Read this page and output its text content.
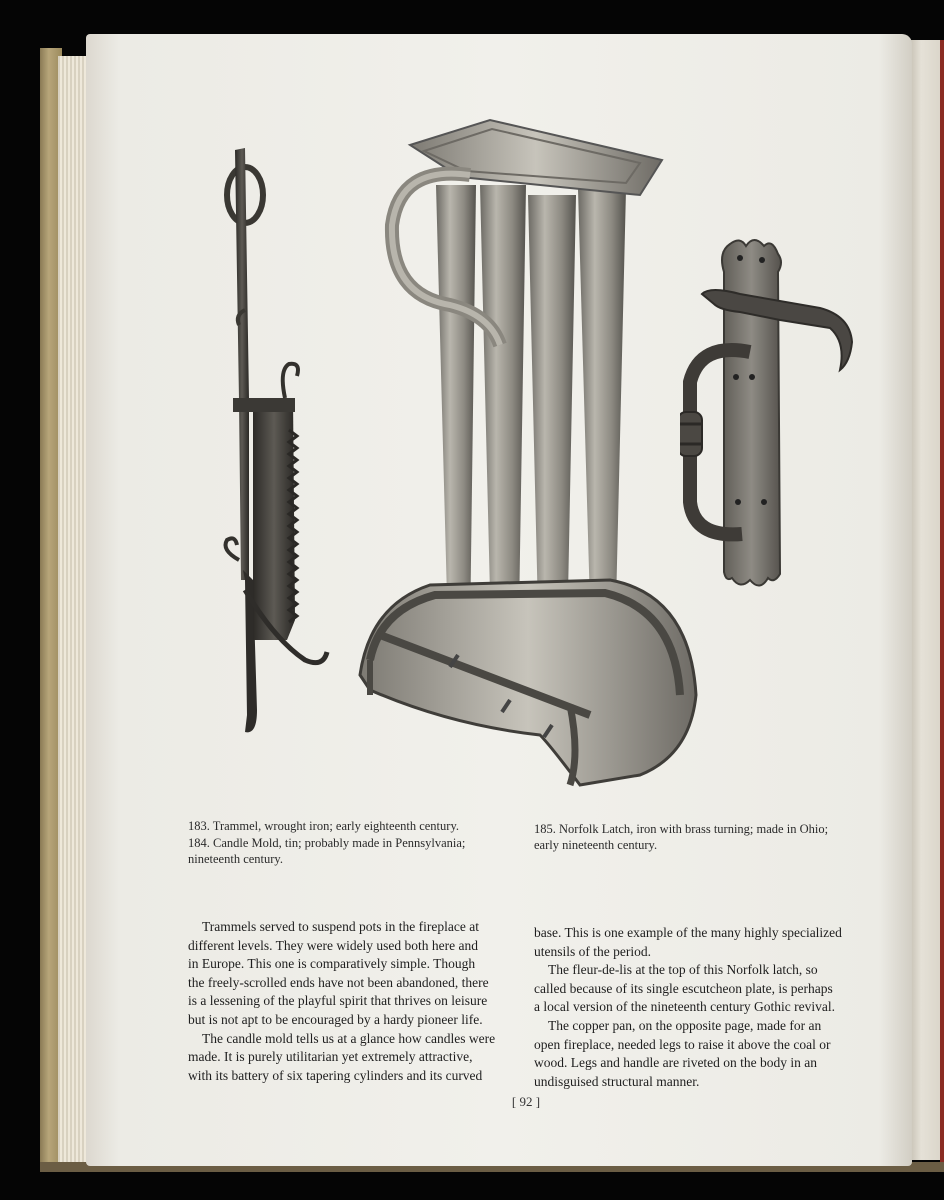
183. Trammel, wrought iron; early eighteenth century.
184. Candle Mold, tin; probably made in Pennsylvania;
nineteenth century.
185. Norfolk Latch, iron with brass turning; made in Ohio;
early nineteenth century.

Trammels served to suspend pots in the fireplace at

different levels. They were widely used both here and

in Europe. This one is comparatively simple. Though

the freely-scrolled ends have not been abandoned, there

is a lessening of the playful spirit that thrives on leisure

but is not apt to be encouraged by a hardy pioneer life.

The candle mold tells us at a glance how candles were

made. It is purely utilitarian yet extremely attractive,

with its battery of six tapering cylinders and its curved

base. This is one example of the many highly specialized

utensils of the period.

The fleur-de-lis at the top of this Norfolk latch, so

called because of its single escutcheon plate, is perhaps

a local version of the nineteenth century Gothic revival.

The copper pan, on the opposite page, made for an

open fireplace, needed legs to raise it above the coal or

wood. Legs and handle are riveted on the body in an

undisguised structural manner.

[ 92 ]
